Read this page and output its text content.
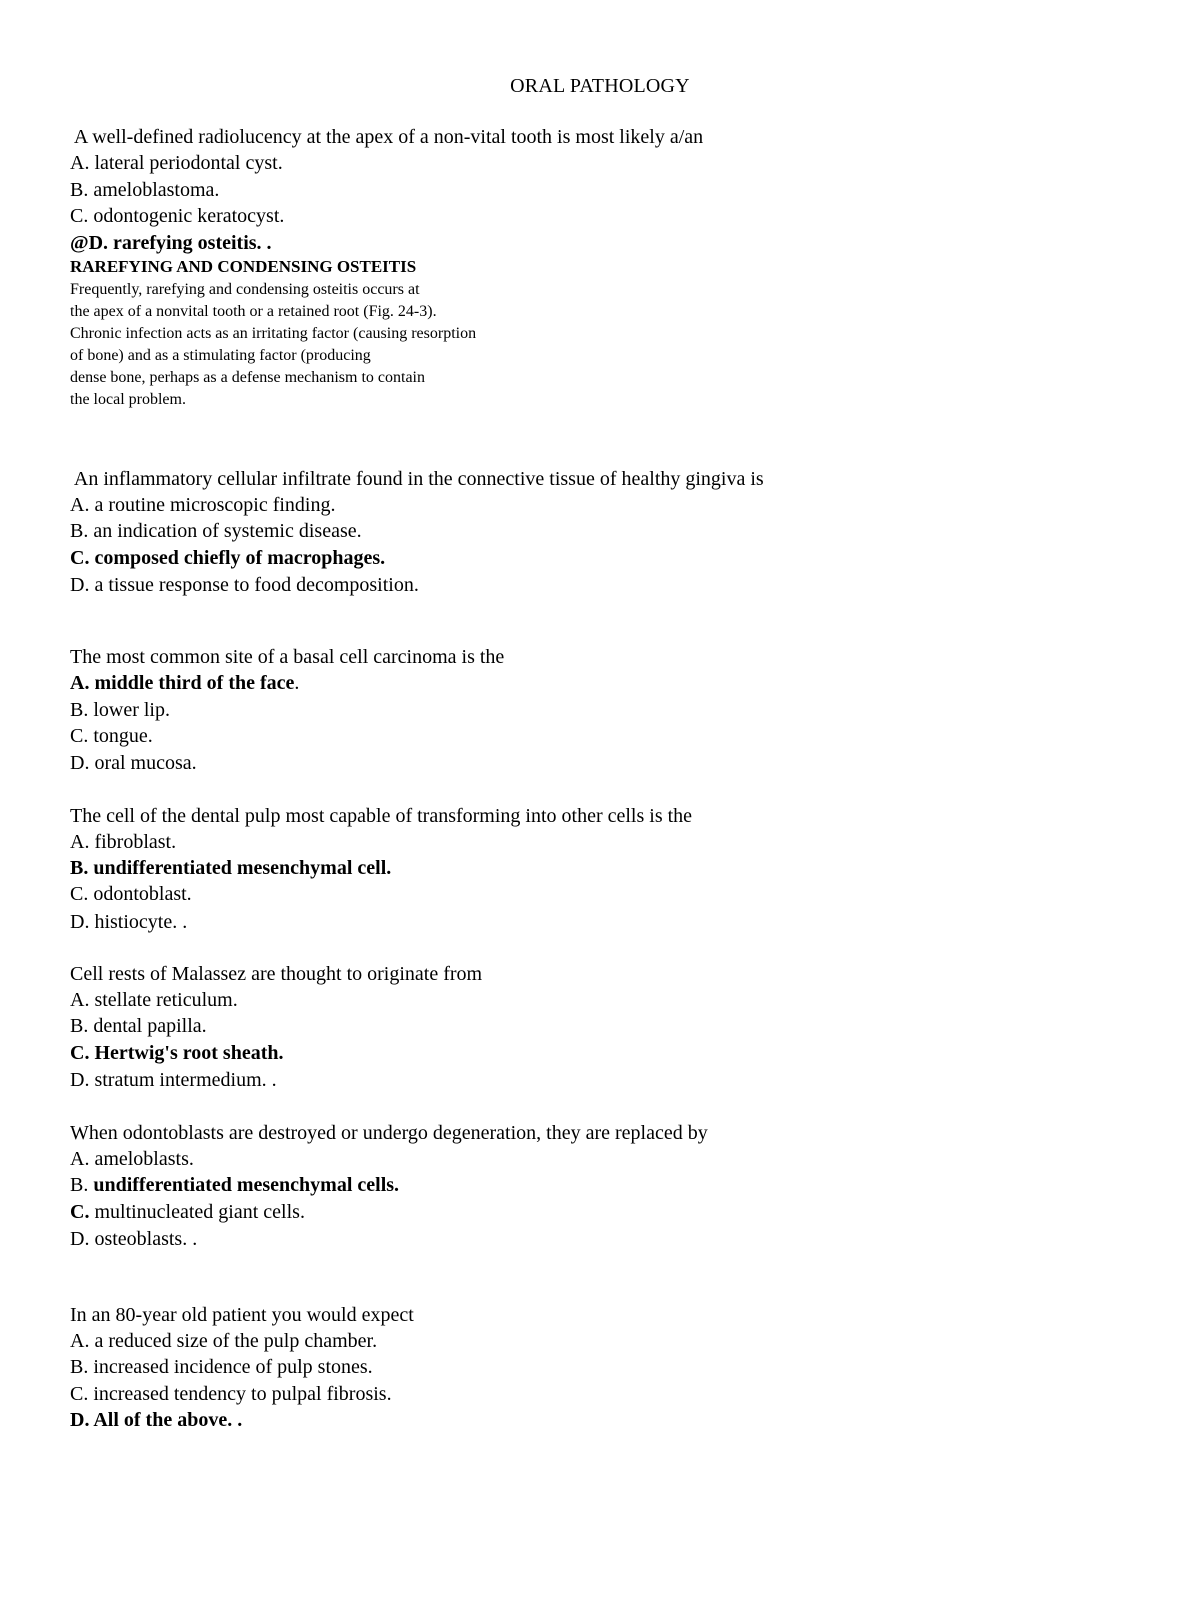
ORAL PATHOLOGY
A well-defined radiolucency at the apex of a non-vital tooth is most likely a/an
A. lateral periodontal cyst.
B. ameloblastoma.
C. odontogenic keratocyst.
@D. rarefying osteitis. .
RAREFYING AND CONDENSING OSTEITIS
Frequently, rarefying and condensing osteitis occurs at
the apex of a nonvital tooth or a retained root (Fig. 24-3).
Chronic infection acts as an irritating factor (causing resorption
of bone) and as a stimulating factor (producing
dense bone, perhaps as a defense mechanism to contain
the local problem.
An inflammatory cellular infiltrate found in the connective tissue of healthy gingiva is
A. a routine microscopic finding.
B. an indication of systemic disease.
C. composed chiefly of macrophages.
D. a tissue response to food decomposition.
The most common site of a basal cell carcinoma is the
A. middle third of the face.
B. lower lip.
C. tongue.
D. oral mucosa.
The cell of the dental pulp most capable of transforming into other cells is the
A. fibroblast.
B. undifferentiated mesenchymal cell.
C. odontoblast.
D. histiocyte. .
Cell rests of Malassez are thought to originate from
A. stellate reticulum.
B. dental papilla.
C. Hertwig's root sheath.
D. stratum intermedium. .
When odontoblasts are destroyed or undergo degeneration, they are replaced by
A. ameloblasts.
B. undifferentiated mesenchymal cells.
C. multinucleated giant cells.
D. osteoblasts. .
In an 80-year old patient you would expect
A. a reduced size of the pulp chamber.
B. increased incidence of pulp stones.
C. increased tendency to pulpal fibrosis.
D. All of the above. .
